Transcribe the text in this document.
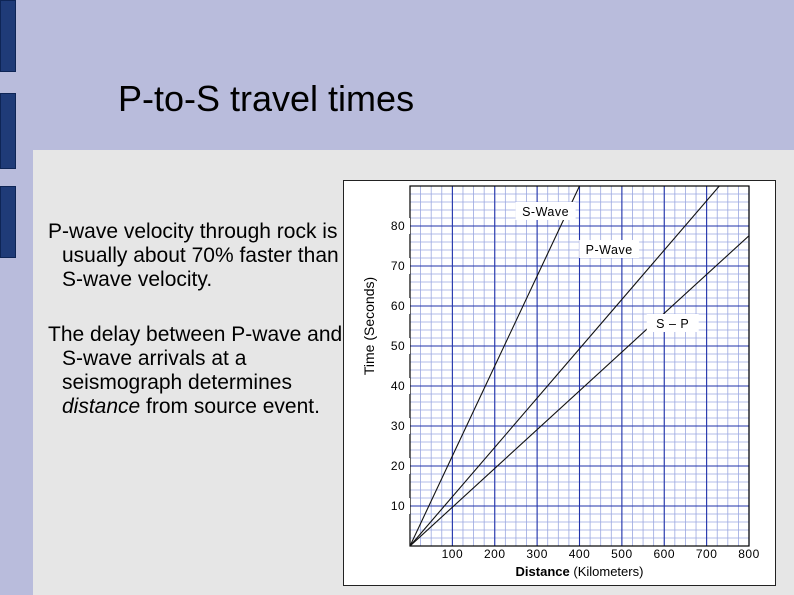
P-to-S travel times
P-wave velocity through rock is usually about 70% faster than S-wave velocity.
The delay between P-wave and S-wave arrivals at a seismograph determines distance from source event.
S-Wave
P-Wave
S – P
10
20
30
40
50
60
70
80
100 200 300 400 500 600 700 800
Distance (Kilometers)
Time (Seconds)
